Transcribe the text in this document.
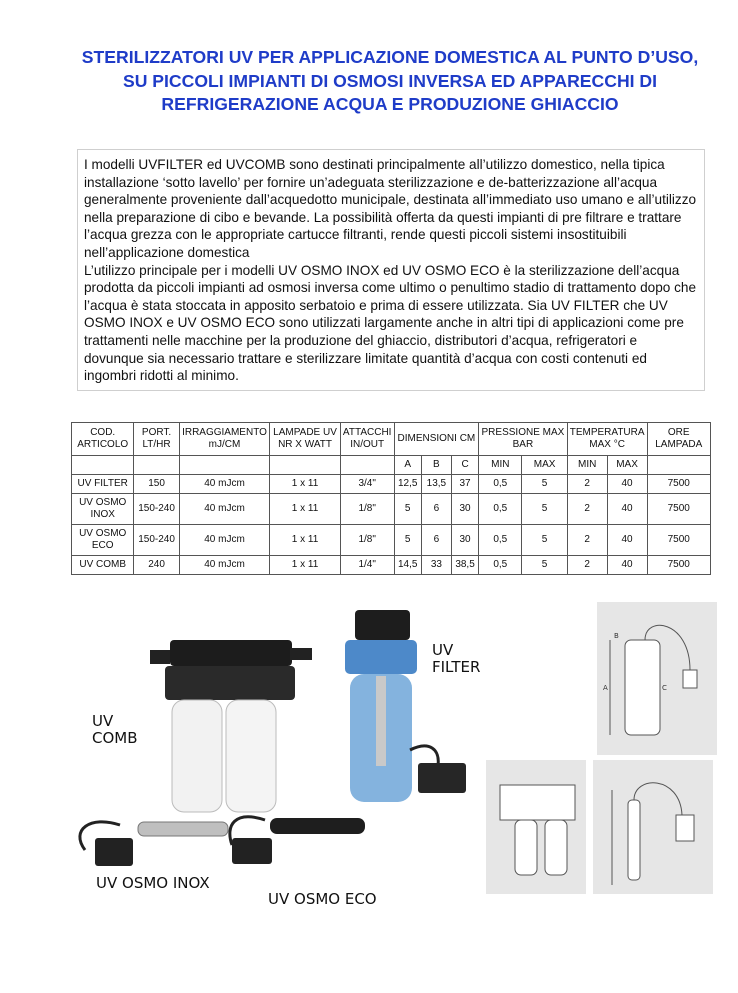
STERILIZZATORI UV PER APPLICAZIONE DOMESTICA AL PUNTO D’USO, SU PICCOLI IMPIANTI DI OSMOSI INVERSA ED APPARECCHI DI REFRIGERAZIONE ACQUA E PRODUZIONE GHIACCIO

I modelli UVFILTER ed UVCOMB sono destinati principalmente all’utilizzo domestico, nella tipica installazione ‘sotto lavello’ per fornire un’adeguata sterilizzazione e de-batterizzazione all’acqua generalmente proveniente dall’acquedotto municipale, destinata all’immediato uso umano e all’utilizzo nella preparazione di cibo e bevande. La possibilità offerta da questi impianti di pre filtrare e trattare l’acqua grezza con le appropriate cartucce filtranti, rende questi piccoli sistemi insostituibili nell’applicazione domestica

L’utilizzo principale per i modelli UV OSMO INOX ed UV OSMO ECO è la sterilizzazione dell’acqua prodotta da piccoli impianti ad osmosi inversa come ultimo o penultimo stadio di trattamento dopo che l’acqua è stata stoccata in apposito serbatoio e prima di essere utilizzata. Sia UV FILTER che UV OSMO INOX e UV OSMO ECO sono utilizzati largamente anche in altri tipi di applicazioni come pre trattamenti nelle macchine per la produzione del ghiaccio, distributori d’acqua, refrigeratori e dovunque sia necessario trattare e sterilizzare limitate quantità d’acqua con costi contenuti ed ingombri ridotti al minimo.

COD. ARTICOLO	PORT. LT/HR	IRRAGGIAMENTO mJ/CM	LAMPADE UV NR X WATT	ATTACCHI IN/OUT	DIMENSIONI CM			PRESSIONE MAX BAR		TEMPERATURA MAX °C		ORE LAMPADA
					A	B	C	MIN	MAX	MIN	MAX	
UV FILTER	150	40 mJcm	1 x 11	3/4"	12,5	13,5	37	0,5	5	2	40	7500
UV OSMO INOX	150-240	40 mJcm	1 x 11	1/8"	5	6	30	0,5	5	2	40	7500
UV OSMO ECO	150-240	40 mJcm	1 x 11	1/8"	5	6	30	0,5	5	2	40	7500
UV COMB	240	40 mJcm	1 x 11	1/4"	14,5	33	38,5	0,5	5	2	40	7500
B
A	C
UV FILTER
UV COMB
UV OSMO INOX
UV OSMO ECO
